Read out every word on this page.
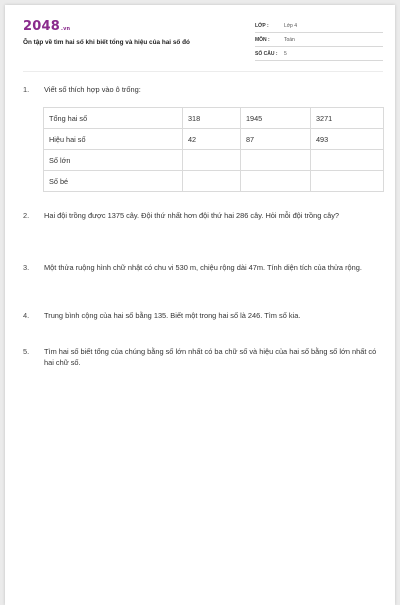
2048.vn
Ôn tập về tìm hai số khi biết tổng và hiệu của hai số đó
LỚP :	Lớp 4
MÔN :	Toán
SỐ CÂU : 5
1.	Viết số thích hợp vào ô trống:
Tổng hai số	318	1945	3271
Hiệu hai số	42	87	493
Số lớn			
Số bé			
2.	Hai đội trồng được 1375 cây. Đội thứ nhất hơn đội thứ hai 286 cây. Hỏi mỗi đội trồng cây?
3.	Một thửa ruộng hình chữ nhật có chu vi 530 m, chiệu rộng dài 47m. Tính diện tích của thửa rộng.
4.	Trung bình cộng của hai số bằng 135. Biết một trong hai số là 246. Tìm số kia.
5.	Tìm hai số biết tổng của chúng bằng số lớn nhất có ba chữ số và hiệu của hai số bằng số lớn nhất có hai chữ số.
